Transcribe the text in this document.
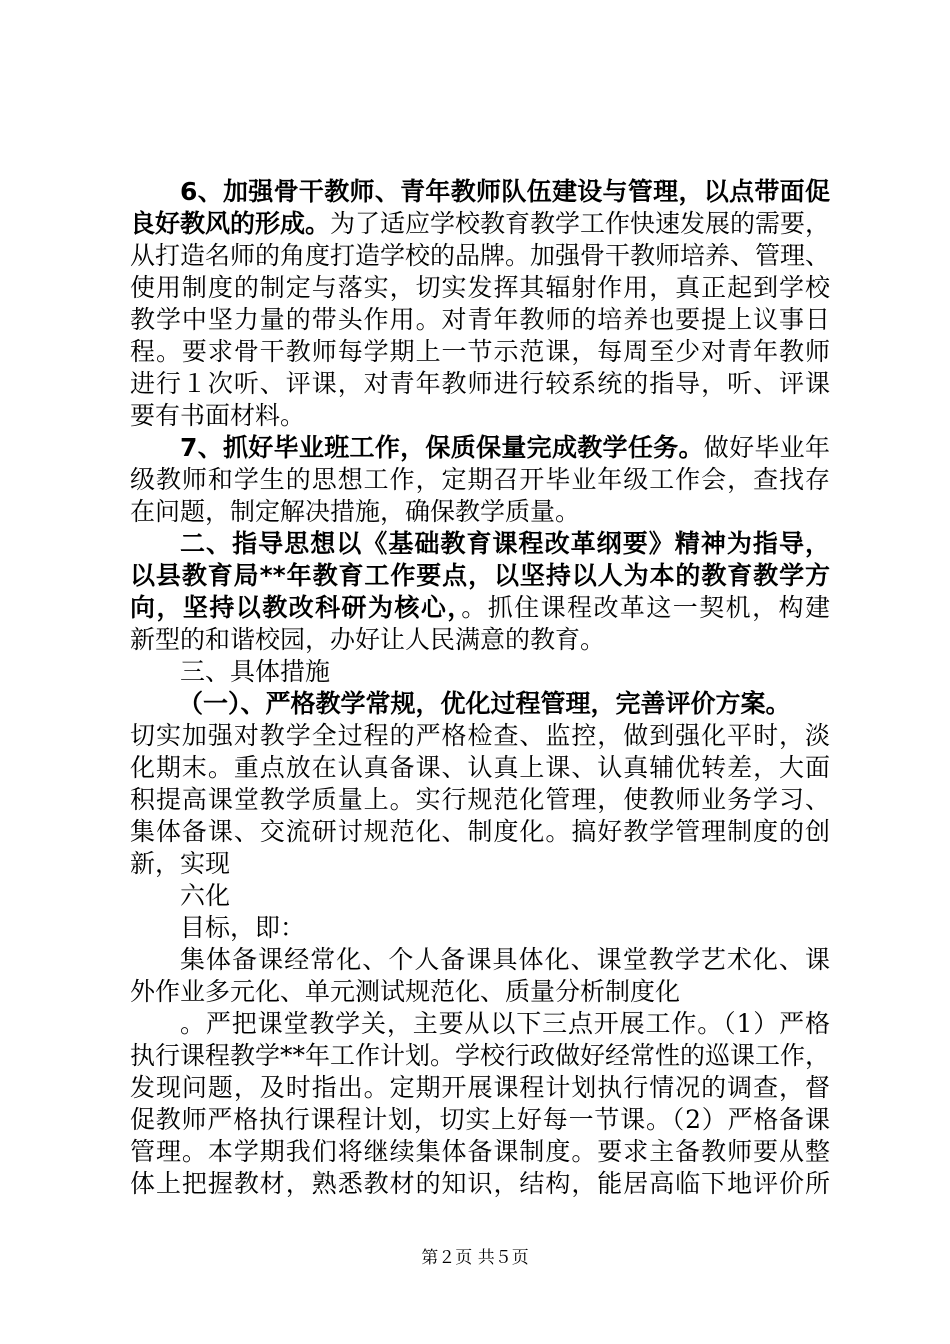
6、加强骨干教师、青年教师队伍建设与管理，以点带面促
良好教风的形成。为了适应学校教育教学工作快速发展的需要，
从打造名师的角度打造学校的品牌。加强骨干教师培养、管理、
使用制度的制定与落实，切实发挥其辐射作用，真正起到学校
教学中坚力量的带头作用。对青年教师的培养也要提上议事日
程。要求骨干教师每学期上一节示范课，每周至少对青年教师
进行１次听、评课，对青年教师进行较系统的指导，听、评课
要有书面材料。
7、抓好毕业班工作，保质保量完成教学任务。做好毕业年
级教师和学生的思想工作，定期召开毕业年级工作会，查找存
在问题，制定解决措施，确保教学质量。
二、指导思想以《基础教育课程改革纲要》精神为指导，
以县教育局**年教育工作要点，以坚持以人为本的教育教学方
向，坚持以教改科研为核心，。抓住课程改革这一契机，构建
新型的和谐校园，办好让人民满意的教育。
三、具体措施
（一）、严格教学常规，优化过程管理，完善评价方案。
切实加强对教学全过程的严格检查、监控，做到强化平时，淡
化期末。重点放在认真备课、认真上课、认真辅优转差，大面
积提高课堂教学质量上。实行规范化管理，使教师业务学习、
集体备课、交流研讨规范化、制度化。搞好教学管理制度的创
新，实现
六化
目标，即：
集体备课经常化、个人备课具体化、课堂教学艺术化、课
外作业多元化、单元测试规范化、质量分析制度化
。严把课堂教学关，主要从以下三点开展工作。（1）严格
执行课程教学**年工作计划。学校行政做好经常性的巡课工作，
发现问题，及时指出。定期开展课程计划执行情况的调查，督
促教师严格执行课程计划，切实上好每一节课。（2）严格备课
管理。本学期我们将继续集体备课制度。要求主备教师要从整
体上把握教材，熟悉教材的知识，结构，能居高临下地评价所
第２页 共５页
